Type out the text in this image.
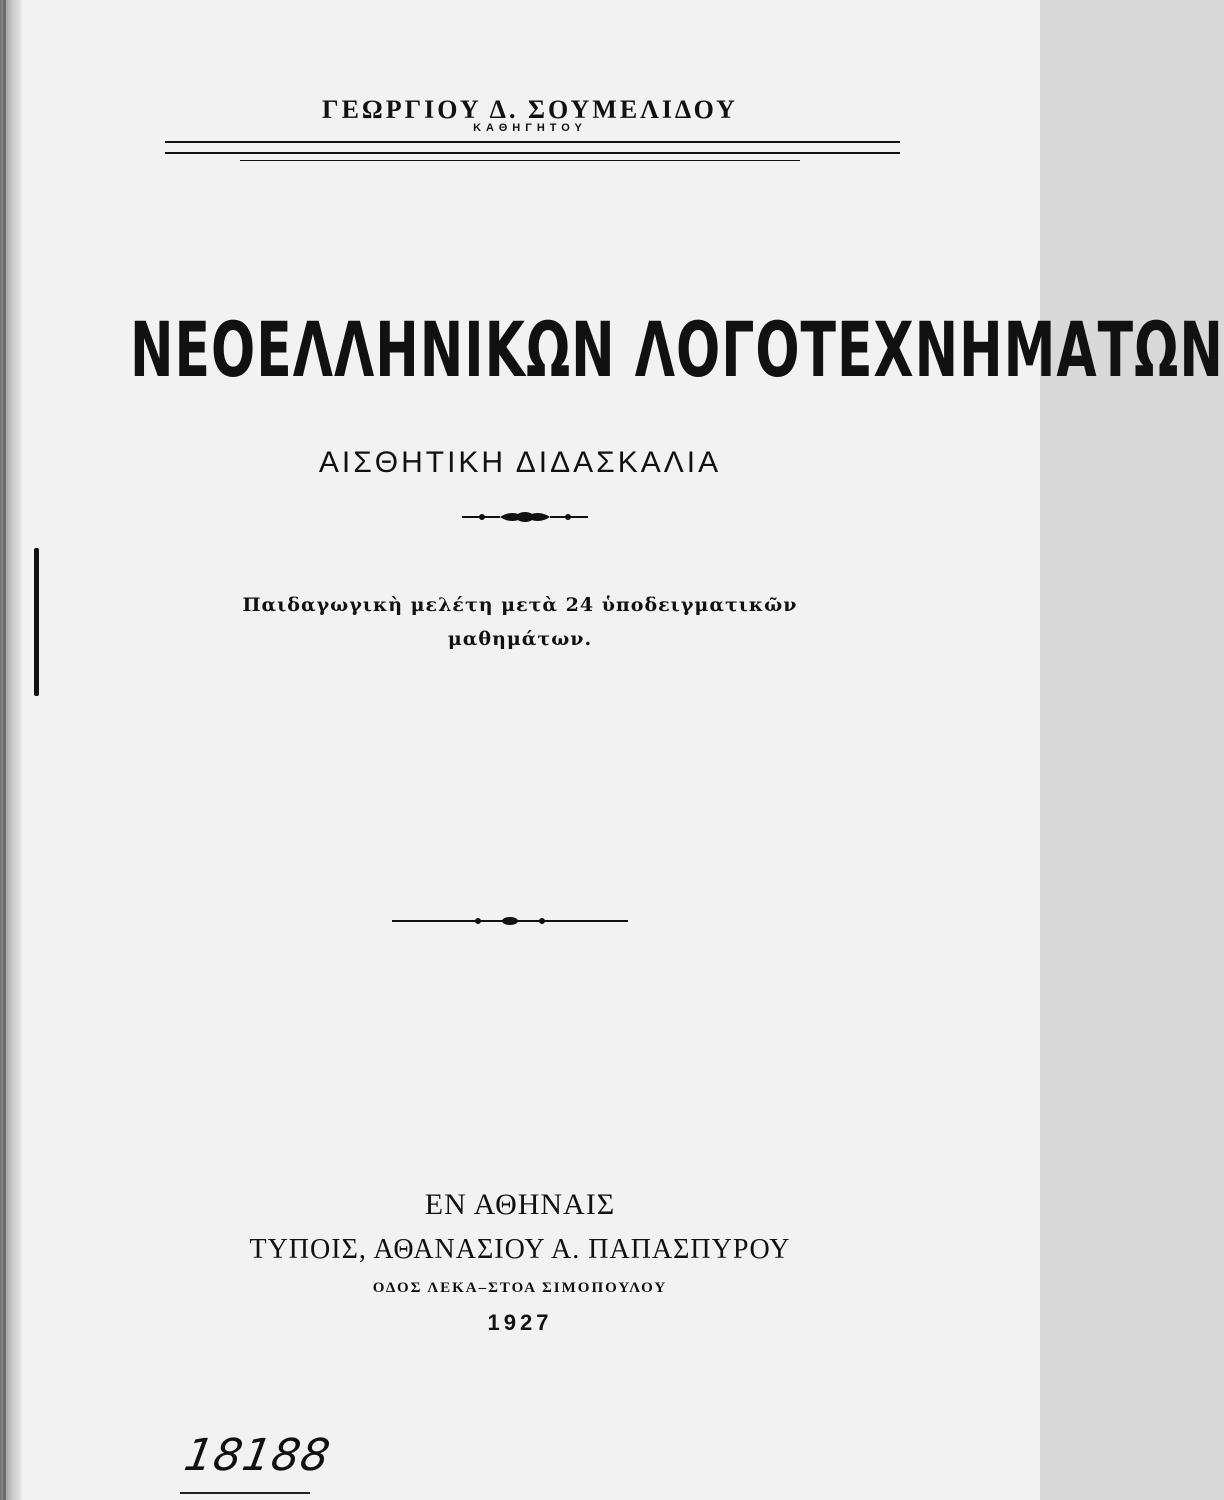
ΓΕΩΡΓΙΟΥ Δ. ΣΟΥΜΕΛΙΔΟΥ
ΚΑΘΗΓΗΤΟΥ
ΝΕΟΕΛΛΗΝΙΚΩΝ ΛΟΓΟΤΕΧΝΗΜΑΤΩΝ
ΑΙΣΘΗΤΙΚΗ ΔΙΔΑΣΚΑΛΙΑ
Παιδαγωγικὴ μελέτη μετὰ 24 ὑποδειγματικῶν
μαθημάτων.
ΕΝ ΑΘΗΝΑΙΣ
ΤΥΠΟΙΣ, ΑΘΑΝΑΣΙΟΥ Α. ΠΑΠΑΣΠΥΡΟΥ
ΟΔΟΣ ΛΕΚΑ–ΣΤΟΑ ΣΙΜΟΠΟΥΛΟΥ
1927
18188
